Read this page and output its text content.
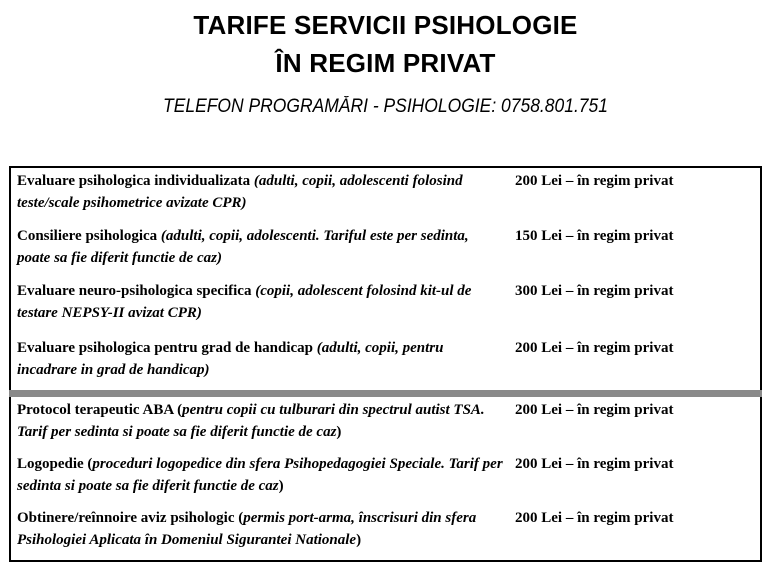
TARIFE SERVICII PSIHOLOGIE
ÎN REGIM PRIVAT
TELEFON PROGRAMĂRI - PSIHOLOGIE: 0758.801.751
Evaluare psihologica individualizata (adulti, copii, adolescenti folosind teste/scale psihometrice avizate CPR)
200 Lei – în regim privat
Consiliere psihologica (adulti, copii, adolescenti. Tariful este per sedinta, poate sa fie diferit functie de caz)
150 Lei – în regim privat
Evaluare neuro-psihologica specifica (copii, adolescent folosind kit-ul de testare NEPSY-II avizat CPR)
300 Lei – în regim privat
Evaluare psihologica pentru grad de handicap (adulti, copii, pentru incadrare in grad de handicap)
200 Lei – în regim privat
Protocol terapeutic ABA (pentru copii cu tulburari din spectrul autist TSA. Tarif per sedinta si poate sa fie diferit functie de caz)
200 Lei – în regim privat
Logopedie (proceduri logopedice din sfera Psihopedagogiei Speciale. Tarif per sedinta si poate sa fie diferit functie de caz)
200 Lei – în regim privat
Obtinere/reînnoire aviz psihologic (permis port-arma, înscrisuri din sfera Psihologiei Aplicata în Domeniul Sigurantei Nationale)
200 Lei – în regim privat
